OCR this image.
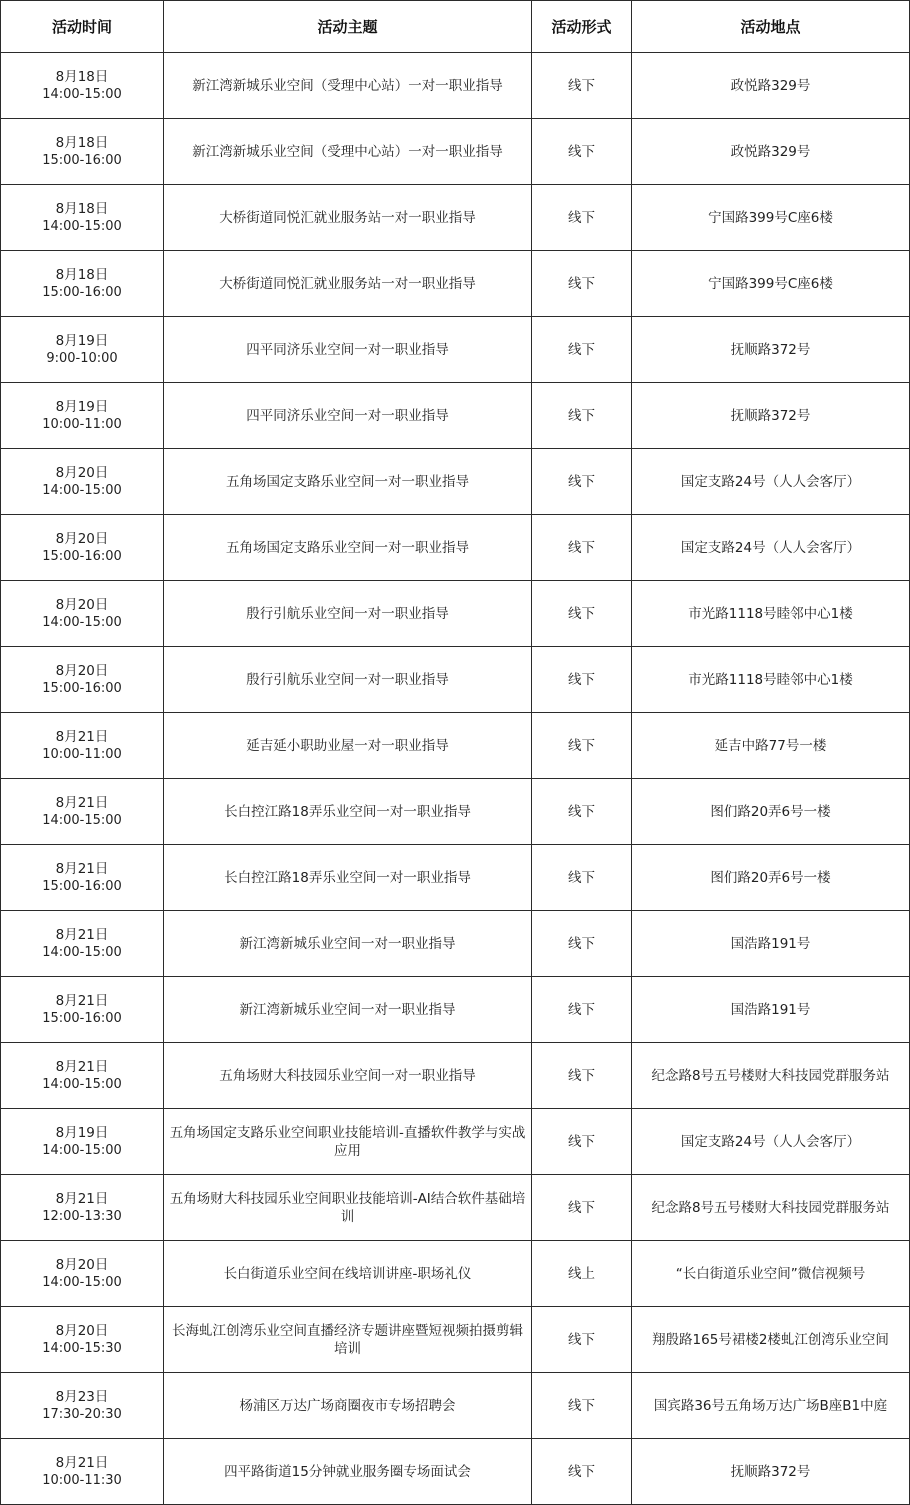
活动时间	活动主题	活动形式	活动地点

8月18日
14:00-15:00	新江湾新城乐业空间（受理中心站）一对一职业指导	线下	政悦路329号

8月18日
15:00-16:00	新江湾新城乐业空间（受理中心站）一对一职业指导	线下	政悦路329号

8月18日
14:00-15:00	大桥街道同悦汇就业服务站一对一职业指导	线下	宁国路399号C座6楼

8月18日
15:00-16:00	大桥街道同悦汇就业服务站一对一职业指导	线下	宁国路399号C座6楼

8月19日
9:00-10:00	四平同济乐业空间一对一职业指导	线下	抚顺路372号

8月19日
10:00-11:00	四平同济乐业空间一对一职业指导	线下	抚顺路372号

8月20日
14:00-15:00	五角场国定支路乐业空间一对一职业指导	线下	国定支路24号（人人会客厅）

8月20日
15:00-16:00	五角场国定支路乐业空间一对一职业指导	线下	国定支路24号（人人会客厅）

8月20日
14:00-15:00	殷行引航乐业空间一对一职业指导	线下	市光路1118号睦邻中心1楼

8月20日
15:00-16:00	殷行引航乐业空间一对一职业指导	线下	市光路1118号睦邻中心1楼

8月21日
10:00-11:00	延吉延小职助业屋一对一职业指导	线下	延吉中路77号一楼

8月21日
14:00-15:00	长白控江路18弄乐业空间一对一职业指导	线下	图们路20弄6号一楼

8月21日
15:00-16:00	长白控江路18弄乐业空间一对一职业指导	线下	图们路20弄6号一楼

8月21日
14:00-15:00	新江湾新城乐业空间一对一职业指导	线下	国浩路191号

8月21日
15:00-16:00	新江湾新城乐业空间一对一职业指导	线下	国浩路191号

8月21日
14:00-15:00	五角场财大科技园乐业空间一对一职业指导	线下	纪念路8号五号楼财大科技园党群服务站

8月19日
14:00-15:00	五角场国定支路乐业空间职业技能培训-直播软件教学与实战应用	线下	国定支路24号（人人会客厅）

8月21日
12:00-13:30	五角场财大科技园乐业空间职业技能培训-AI结合软件基础培训	线下	纪念路8号五号楼财大科技园党群服务站

8月20日
14:00-15:00	长白街道乐业空间在线培训讲座-职场礼仪	线上	“长白街道乐业空间”微信视频号

8月20日
14:00-15:30	长海虬江创湾乐业空间直播经济专题讲座暨短视频拍摄剪辑培训	线下	翔殷路165号裙楼2楼虬江创湾乐业空间

8月23日
17:30-20:30	杨浦区万达广场商圈夜市专场招聘会	线下	国宾路36号五角场万达广场B座B1中庭

8月21日
10:00-11:30	四平路街道15分钟就业服务圈专场面试会	线下	抚顺路372号
